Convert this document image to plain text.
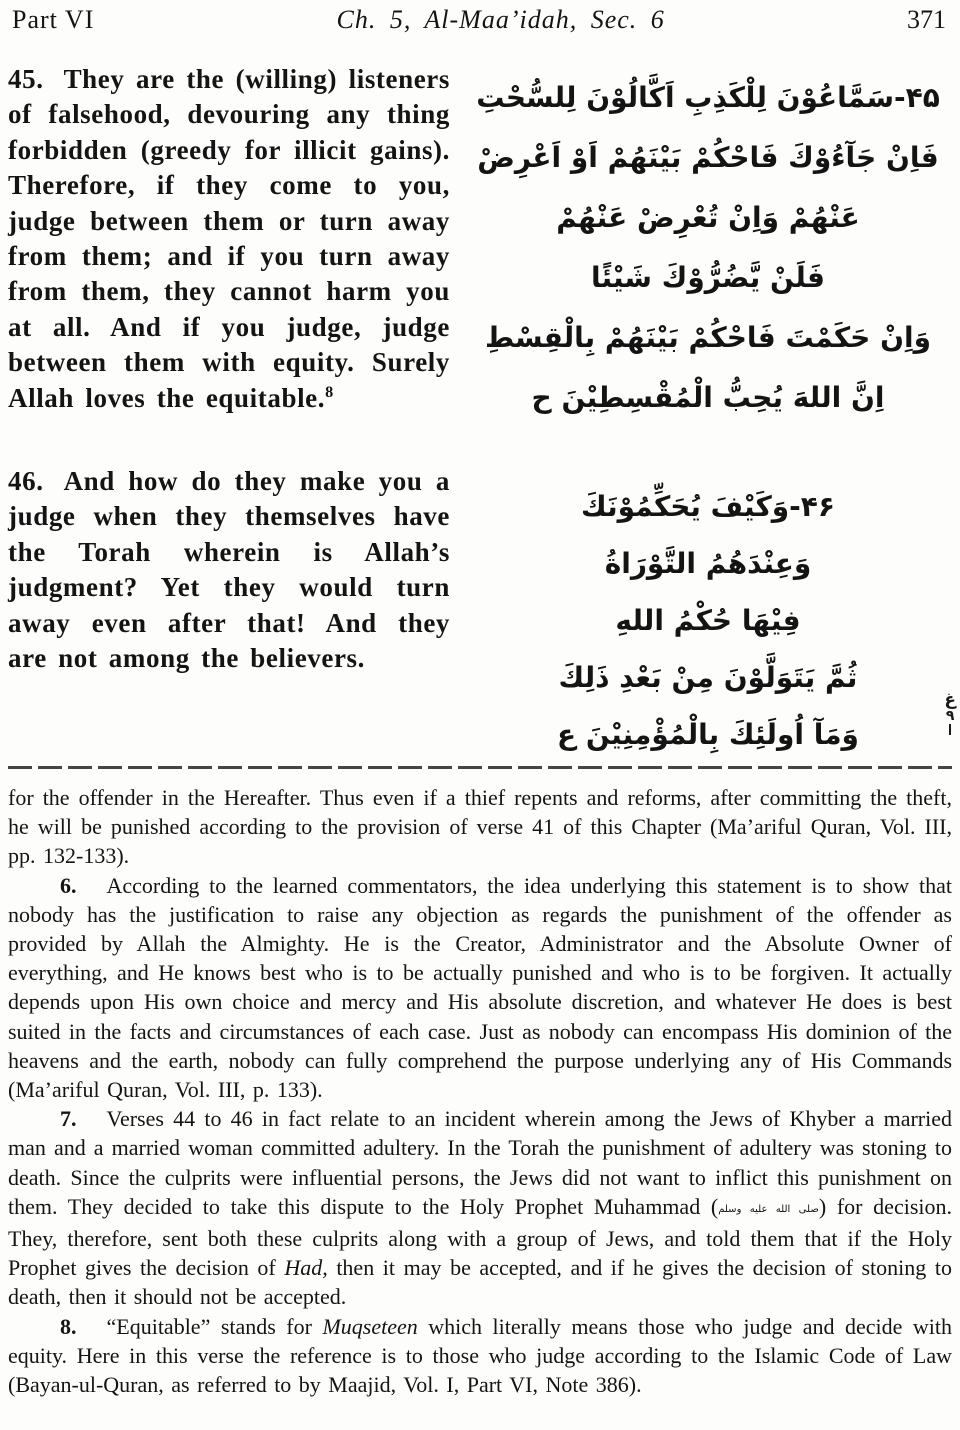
Part VI	Ch. 5, Al-Maa’idah, Sec. 6	371

45. They are the (willing) listeners of falsehood, devouring any thing forbidden (greedy for illicit gains). Therefore, if they come to you, judge between them or turn away from them; and if you turn away from them, they cannot harm you at all. And if you judge, judge between them with equity. Surely Allah loves the equitable.$^8$

46. And how do they make you a judge when they themselves have the Torah wherein is Allah’s judgment? Yet they would turn away even after that! And they are not among the believers.

۴۵-سَمَّاعُوْنَ لِلْكَذِبِ اَكَّالُوْنَ لِلسُّحْتِ
فَاِنْ جَآءُوْكَ فَاحْكُمْ بَيْنَهُمْ اَوْ اَعْرِضْ
عَنْهُمْ وَاِنْ تُعْرِضْ عَنْهُمْ
فَلَنْ يَّضُرُّوْكَ شَيْئًا
وَاِنْ حَكَمْتَ فَاحْكُمْ بَيْنَهُمْ بِالْقِسْطِ
اِنَّ اللهَ يُحِبُّ الْمُقْسِطِيْنَ ح
۴۶-وَكَيْفَ يُحَكِّمُوْنَكَ
وَعِنْدَهُمُ التَّوْرَاةُ
فِيْهَا حُكْمُ اللهِ
ثُمَّ يَتَوَلَّوْنَ مِنْ بَعْدِ ذَلِكَ
وَمَآ اُولَئِكَ بِالْمُؤْمِنِيْنَ ع
غ
٩

for the offender in the Hereafter. Thus even if a thief repents and reforms, after committing the theft, he will be punished according to the provision of verse 41 of this Chapter (Ma’ariful Quran, Vol. III, pp. 132-133).

6. According to the learned commentators, the idea underlying this statement is to show that nobody has the justification to raise any objection as regards the punishment of the offender as provided by Allah the Almighty. He is the Creator, Administrator and the Absolute Owner of everything, and He knows best who is to be actually punished and who is to be forgiven. It actually depends upon His own choice and mercy and His absolute discretion, and whatever He does is best suited in the facts and circumstances of each case. Just as nobody can encompass His dominion of the heavens and the earth, nobody can fully comprehend the purpose underlying any of His Commands (Ma’ariful Quran, Vol. III, p. 133).

7. Verses 44 to 46 in fact relate to an incident wherein among the Jews of Khyber a married man and a married woman committed adultery. In the Torah the punishment of adultery was stoning to death. Since the culprits were influential persons, the Jews did not want to inflict this punishment on them. They decided to take this dispute to the Holy Prophet Muhammad (صلى الله عليه وسلم) for decision. They, therefore, sent both these culprits along with a group of Jews, and told them that if the Holy Prophet gives the decision of Had, then it may be accepted, and if he gives the decision of stoning to death, then it should not be accepted.

8. “Equitable” stands for Muqseteen which literally means those who judge and decide with equity. Here in this verse the reference is to those who judge according to the Islamic Code of Law (Bayan-ul-Quran, as referred to by Maajid, Vol. I, Part VI, Note 386).
